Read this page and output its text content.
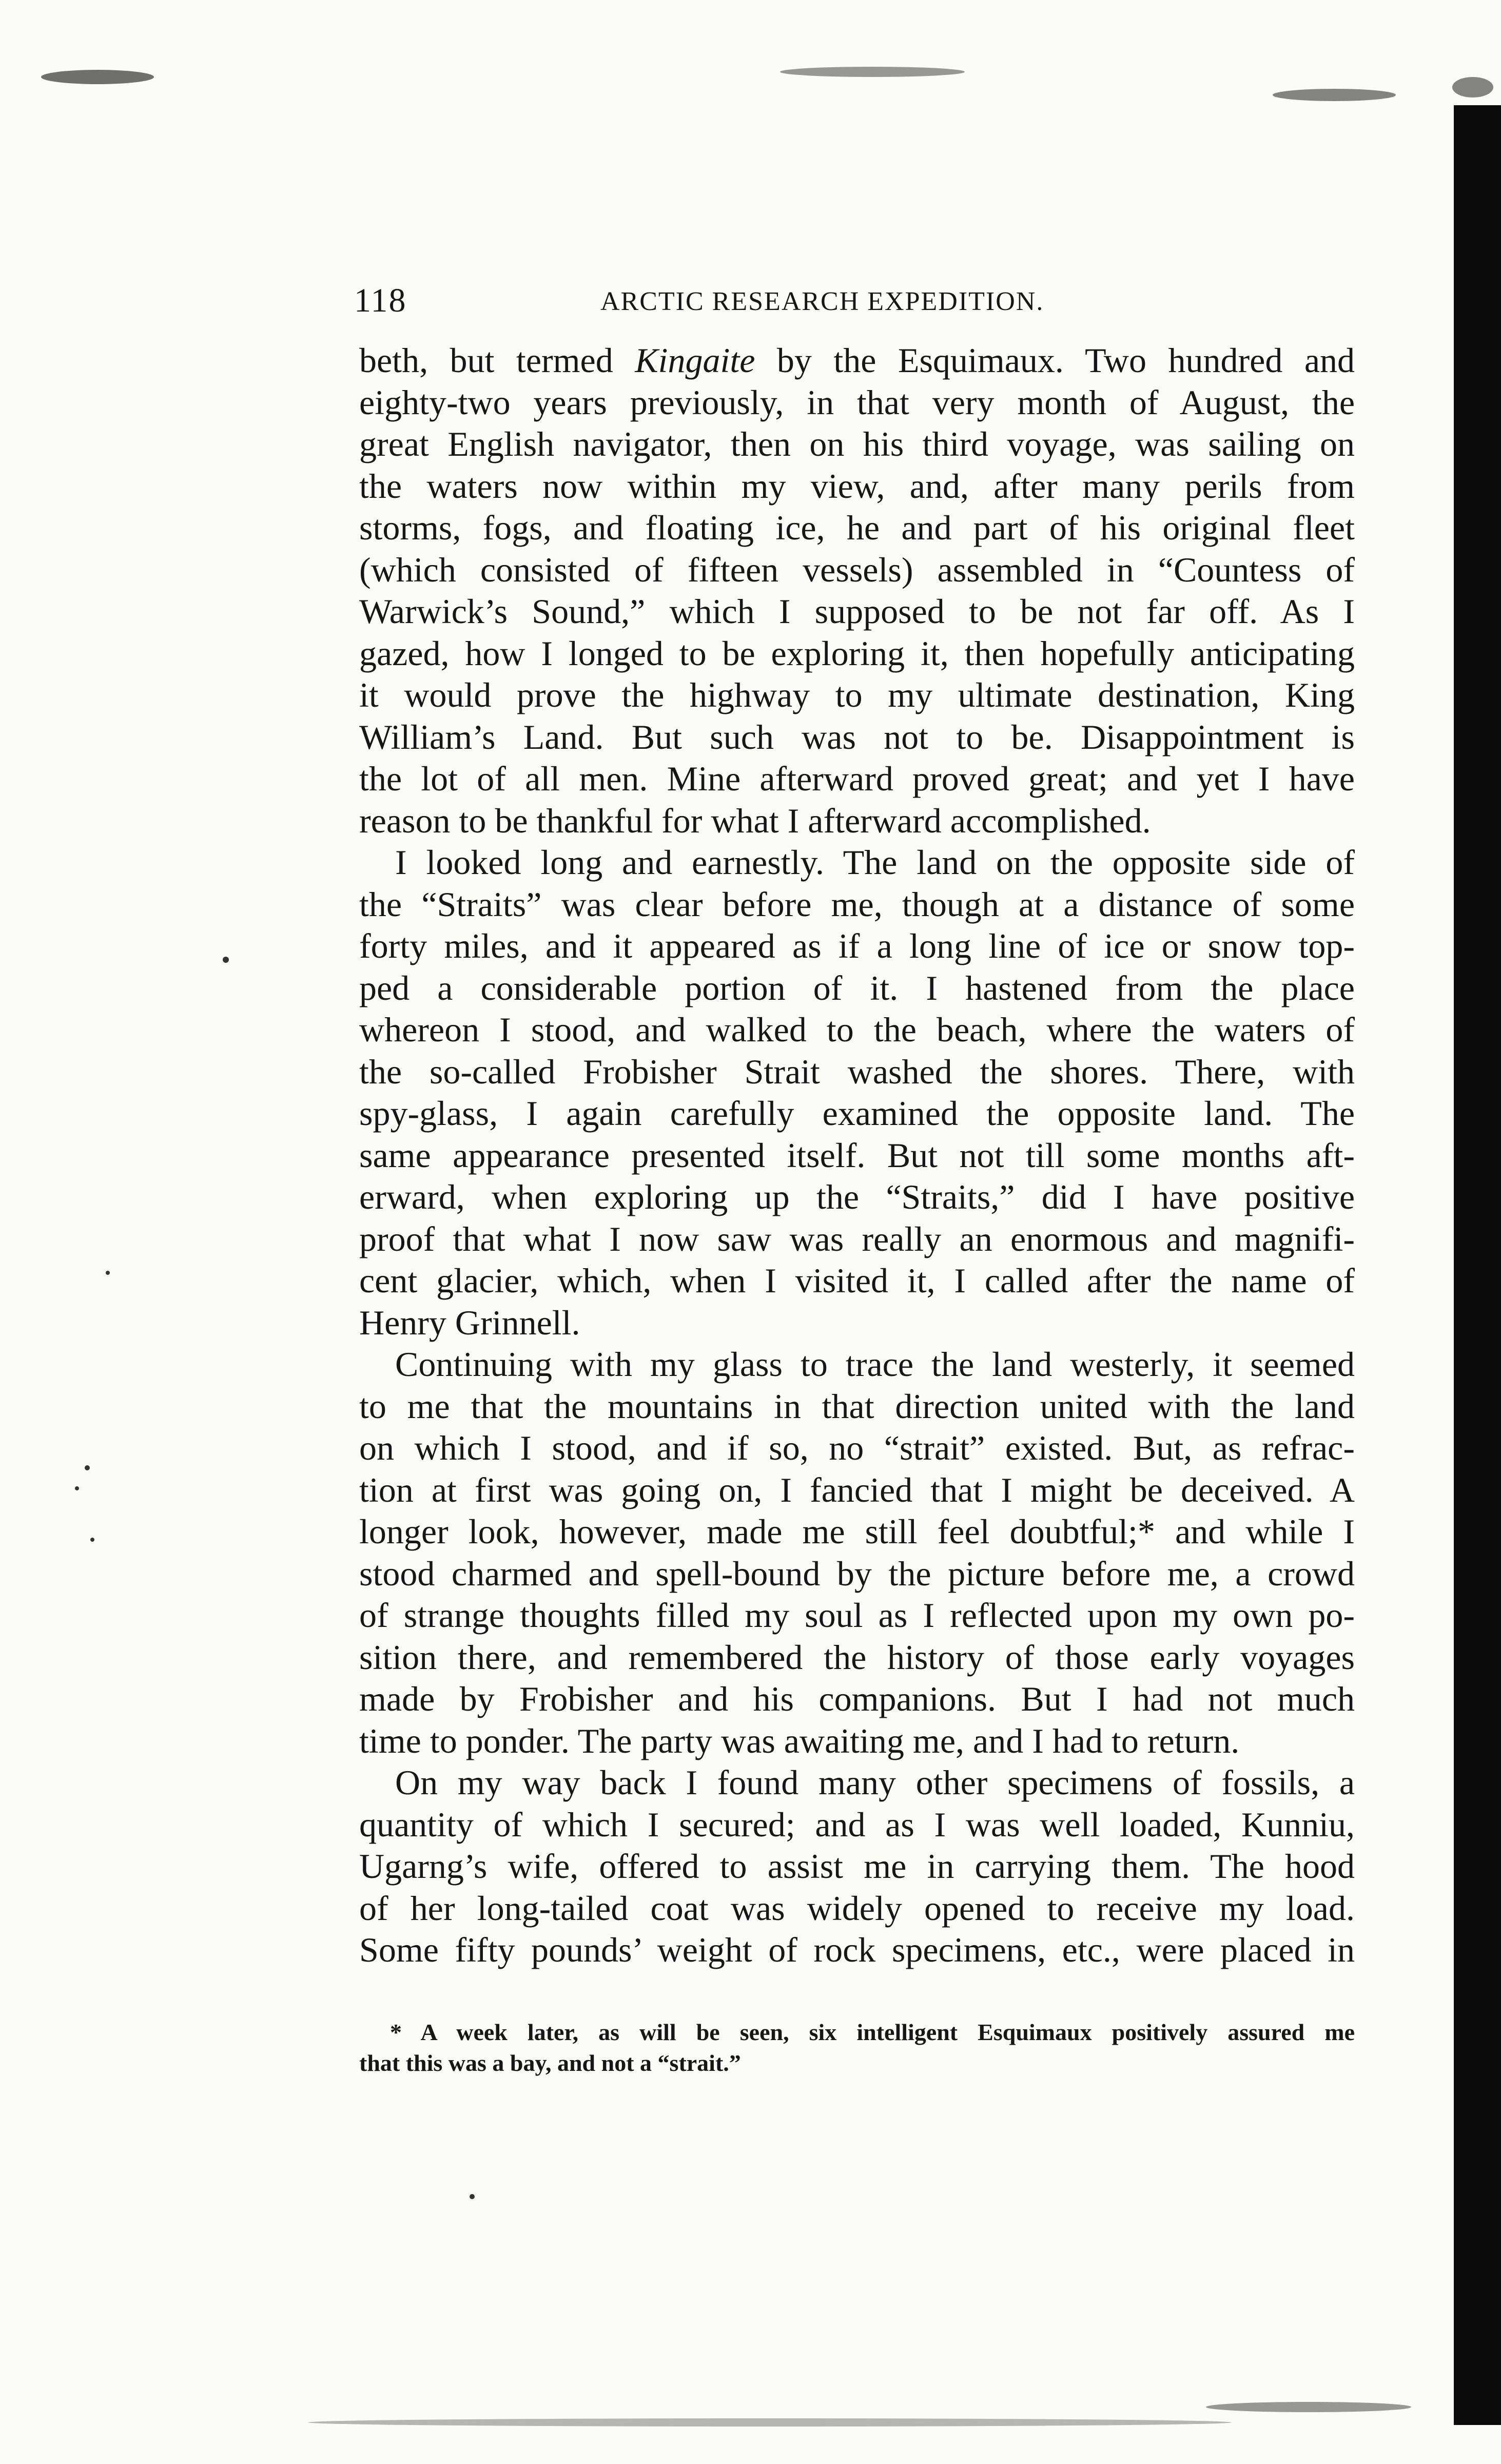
118	ARCTIC RESEARCH EXPEDITION.
beth, but termed Kingaite by the Esquimaux. Two hundred and
eighty-two years previously, in that very month of August, the
great English navigator, then on his third voyage, was sailing on
the waters now within my view, and, after many perils from
storms, fogs, and floating ice, he and part of his original fleet
(which consisted of fifteen vessels) assembled in “Countess of
Warwick’s Sound,” which I supposed to be not far off. As I
gazed, how I longed to be exploring it, then hopefully anticipating
it would prove the highway to my ultimate destination, King
William’s Land. But such was not to be. Disappointment is
the lot of all men. Mine afterward proved great; and yet I have
reason to be thankful for what I afterward accomplished.
I looked long and earnestly. The land on the opposite side of
the “Straits” was clear before me, though at a distance of some
forty miles, and it appeared as if a long line of ice or snow top-
ped a considerable portion of it. I hastened from the place
whereon I stood, and walked to the beach, where the waters of
the so-called Frobisher Strait washed the shores. There, with
spy-glass, I again carefully examined the opposite land. The
same appearance presented itself. But not till some months aft-
erward, when exploring up the “Straits,” did I have positive
proof that what I now saw was really an enormous and magnifi-
cent glacier, which, when I visited it, I called after the name of
Henry Grinnell.
Continuing with my glass to trace the land westerly, it seemed
to me that the mountains in that direction united with the land
on which I stood, and if so, no “strait” existed. But, as refrac-
tion at first was going on, I fancied that I might be deceived. A
longer look, however, made me still feel doubtful;* and while I
stood charmed and spell-bound by the picture before me, a crowd
of strange thoughts filled my soul as I reflected upon my own po-
sition there, and remembered the history of those early voyages
made by Frobisher and his companions. But I had not much
time to ponder. The party was awaiting me, and I had to return.
On my way back I found many other specimens of fossils, a
quantity of which I secured; and as I was well loaded, Kunniu,
Ugarng’s wife, offered to assist me in carrying them. The hood
of her long-tailed coat was widely opened to receive my load.
Some fifty pounds’ weight of rock specimens, etc., were placed in
* A week later, as will be seen, six intelligent Esquimaux positively assured me
that this was a bay, and not a “strait.”
